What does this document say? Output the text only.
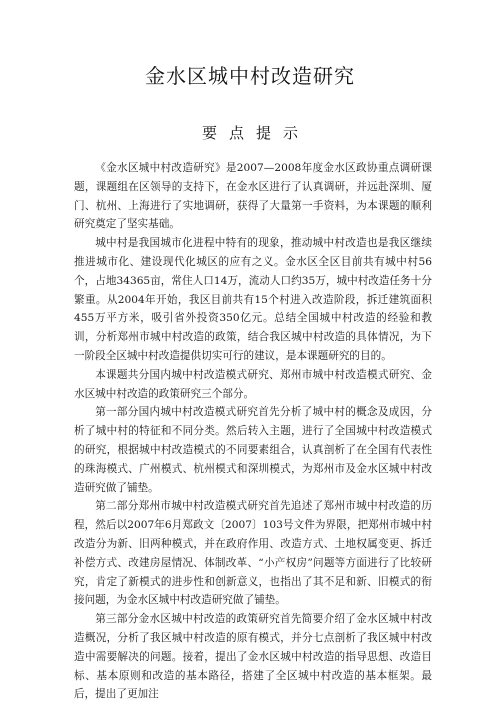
金水区城中村改造研究
要点提示

《金水区城中村改造研究》是2007—2008年度金水区政协重点调研课题，课题组在区领导的支持下，在金水区进行了认真调研，并远赴深圳、厦门、杭州、上海进行了实地调研，获得了大量第一手资料，为本课题的顺利研究奠定了坚实基础。

城中村是我国城市化进程中特有的现象，推动城中村改造也是我区继续推进城市化、建设现代化城区的应有之义。金水区全区目前共有城中村56个，占地34365亩，常住人口14万，流动人口约35万，城中村改造任务十分繁重。从2004年开始，我区目前共有15个村进入改造阶段，拆迁建筑面积455万平方米，吸引省外投资350亿元。总结全国城中村改造的经验和教训，分析郑州市城中村改造的政策，结合我区城中村改造的具体情况，为下一阶段全区城中村改造提供切实可行的建议，是本课题研究的目的。

本课题共分国内城中村改造模式研究、郑州市城中村改造模式研究、金水区城中村改造的政策研究三个部分。

第一部分国内城中村改造模式研究首先分析了城中村的概念及成因，分析了城中村的特征和不同分类。然后转入主题，进行了全国城中村改造模式的研究，根据城中村改造模式的不同要素组合，认真剖析了在全国有代表性的珠海模式、广州模式、杭州模式和深圳模式，为郑州市及金水区城中村改造研究做了铺垫。

第二部分郑州市城中村改造模式研究首先追述了郑州市城中村改造的历程，然后以2007年6月郑政文〔2007〕103号文件为界限，把郑州市城中村改造分为新、旧两种模式，并在政府作用、改造方式、土地权属变更、拆迁补偿方式、改建房屋情况、体制改革、“小产权房”问题等方面进行了比较研究，肯定了新模式的进步性和创新意义，也指出了其不足和新、旧模式的衔接问题，为金水区城中村改造研究做了铺垫。

第三部分金水区城中村改造的政策研究首先简要介绍了金水区城中村改造概况，分析了我区城中村改造的原有模式，并分七点剖析了我区城中村改造中需要解决的问题。接着，提出了金水区城中村改造的指导思想、改造目标、基本原则和改造的基本路径，搭建了全区城中村改造的基本框架。最后，提出了更加注
